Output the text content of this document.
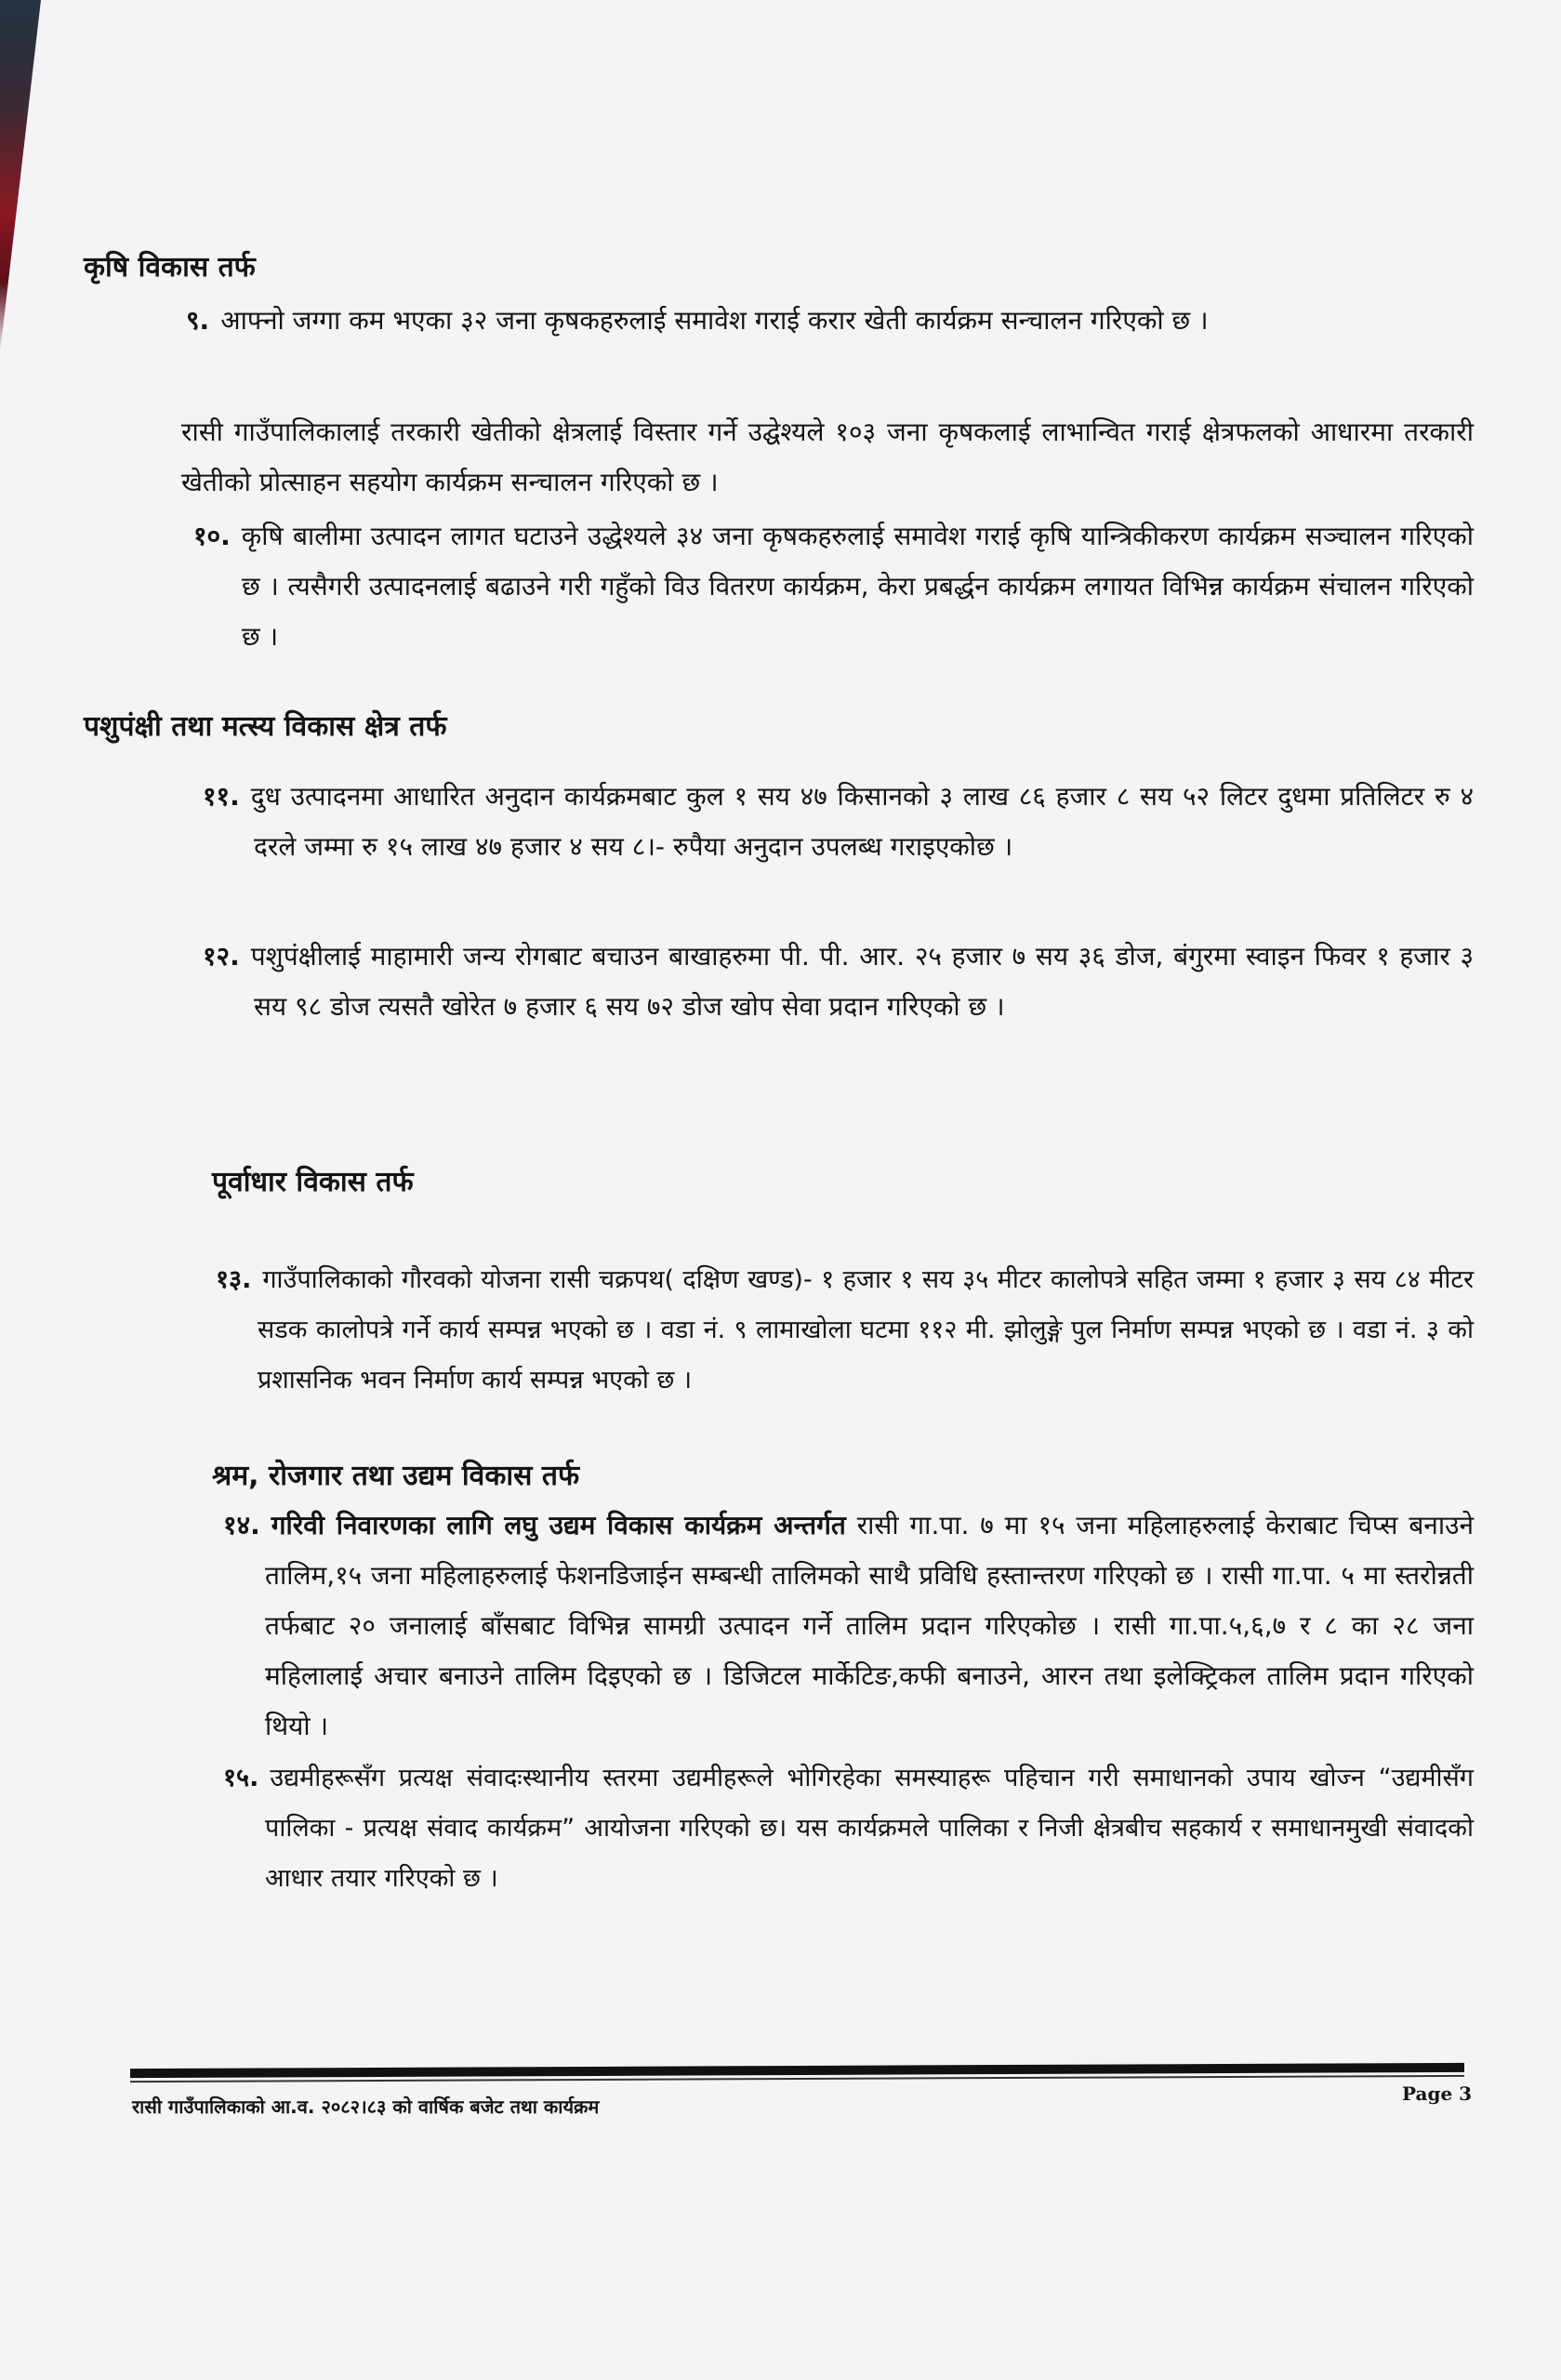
कृषि विकास तर्फ
९. आफ्नो जग्गा कम भएका ३२ जना कृषकहरुलाई समावेश गराई करार खेती कार्यक्रम सन्चालन गरिएको छ ।
रासी गाउँपालिकालाई तरकारी खेतीको क्षेत्रलाई विस्तार गर्ने उद्घेश्यले १०३ जना कृषकलाई लाभान्वित गराई क्षेत्रफलको आधारमा तरकारी खेतीको प्रोत्साहन सहयोग कार्यक्रम सन्चालन गरिएको छ ।
१०. कृषि बालीमा उत्पादन लागत घटाउने उद्धेश्यले ३४ जना कृषकहरुलाई समावेश गराई कृषि यान्त्रिकीकरण कार्यक्रम सञ्चालन गरिएको छ । त्यसैगरी उत्पादनलाई बढाउने गरी गहुँको विउ वितरण कार्यक्रम, केरा प्रबर्द्धन कार्यक्रम लगायत विभिन्न कार्यक्रम संचालन गरिएको छ ।
पशुपंक्षी तथा मत्स्य विकास क्षेत्र तर्फ
११. दुध उत्पादनमा आधारित अनुदान कार्यक्रमबाट कुल १ सय ४७ किसानको ३ लाख ८६ हजार ८ सय ५२ लिटर दुधमा प्रतिलिटर रु ४ दरले जम्मा रु १५ लाख ४७ हजार ४ सय ८।- रुपैया अनुदान उपलब्ध गराइएकोछ ।
१२. पशुपंक्षीलाई माहामारी जन्य रोगबाट बचाउन बाखाहरुमा पी. पी. आर. २५ हजार ७ सय ३६ डोज, बंगुरमा स्वाइन फिवर १ हजार ३ सय ९८ डोज त्यसतै खोरेत ७ हजार ६ सय ७२ डोज खोप सेवा प्रदान गरिएको छ ।
पूर्वाधार विकास तर्फ
१३. गाउँपालिकाको गौरवको योजना रासी चक्रपथ( दक्षिण खण्ड)- १ हजार १ सय ३५ मीटर कालोपत्रे सहित जम्मा १ हजार ३ सय ८४ मीटर सडक कालोपत्रे गर्ने कार्य सम्पन्न भएको छ । वडा नं. ९ लामाखोला घटमा ११२ मी. झोलुङ्गे पुल निर्माण सम्पन्न भएको छ । वडा नं. ३ को प्रशासनिक भवन निर्माण कार्य सम्पन्न भएको छ ।
श्रम, रोजगार तथा उद्यम विकास तर्फ
१४. गरिवी निवारणका लागि लघु उद्यम विकास कार्यक्रम अन्तर्गत रासी गा.पा. ७ मा १५ जना महिलाहरुलाई केराबाट चिप्स बनाउने तालिम,१५ जना महिलाहरुलाई फेशनडिजाईन सम्बन्धी तालिमको साथै प्रविधि हस्तान्तरण गरिएको छ । रासी गा.पा. ५ मा स्तरोन्नती तर्फबाट २० जनालाई बाँसबाट विभिन्न सामग्री उत्पादन गर्ने तालिम प्रदान गरिएकोछ । रासी गा.पा.५,६,७ र ८ का २८ जना महिलालाई अचार बनाउने तालिम दिइएको छ । डिजिटल मार्केटिङ,कफी बनाउने, आरन तथा इलेक्ट्रिकल तालिम प्रदान गरिएको थियो ।
१५. उद्यमीहरूसँग प्रत्यक्ष संवादःस्थानीय स्तरमा उद्यमीहरूले भोगिरहेका समस्याहरू पहिचान गरी समाधानको उपाय खोज्न “उद्यमीसँग पालिका - प्रत्यक्ष संवाद कार्यक्रम” आयोजना गरिएको छ। यस कार्यक्रमले पालिका र निजी क्षेत्रबीच सहकार्य र समाधानमुखी संवादको आधार तयार गरिएको छ ।
रासी गाउँपालिकाको आ.व. २०८२।८३ को वार्षिक बजेट तथा कार्यक्रम
Page 3
